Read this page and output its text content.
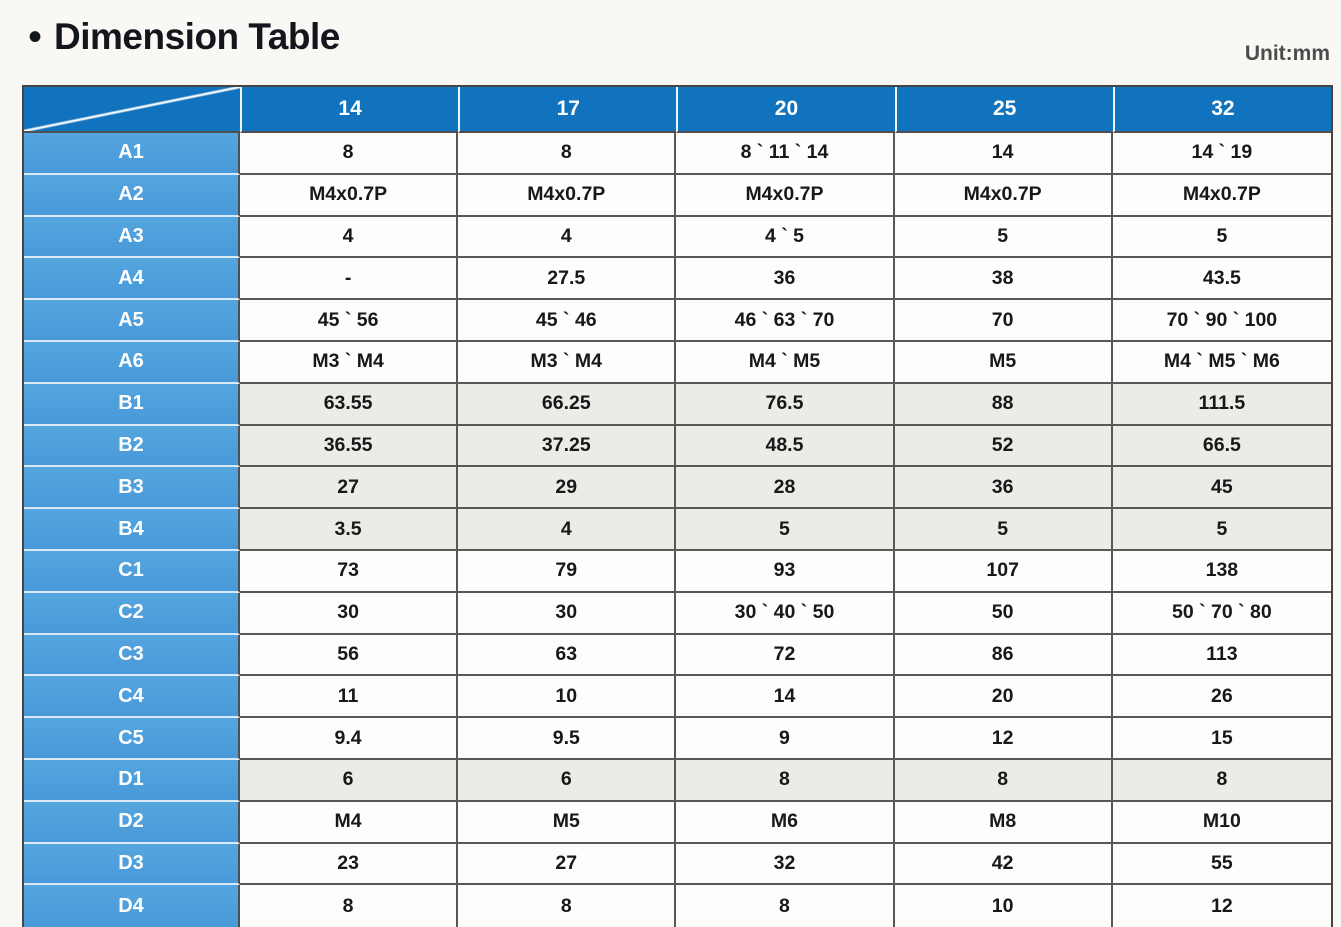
• Dimension Table	Unit:mm
	14	17	20	25	32
A1	8	8	8 ` 11 ` 14	14	14 ` 19
A2	M4x0.7P	M4x0.7P	M4x0.7P	M4x0.7P	M4x0.7P
A3	4	4	4 ` 5	5	5
A4	-	27.5	36	38	43.5
A5	45 ` 56	45 ` 46	46 ` 63 ` 70	70	70 ` 90 ` 100
A6	M3 ` M4	M3 ` M4	M4 ` M5	M5	M4 ` M5 ` M6
B1	63.55	66.25	76.5	88	111.5
B2	36.55	37.25	48.5	52	66.5
B3	27	29	28	36	45
B4	3.5	4	5	5	5
C1	73	79	93	107	138
C2	30	30	30 ` 40 ` 50	50	50 ` 70 ` 80
C3	56	63	72	86	113
C4	11	10	14	20	26
C5	9.4	9.5	9	12	15
D1	6	6	8	8	8
D2	M4	M5	M6	M8	M10
D3	23	27	32	42	55
D4	8	8	8	10	12
